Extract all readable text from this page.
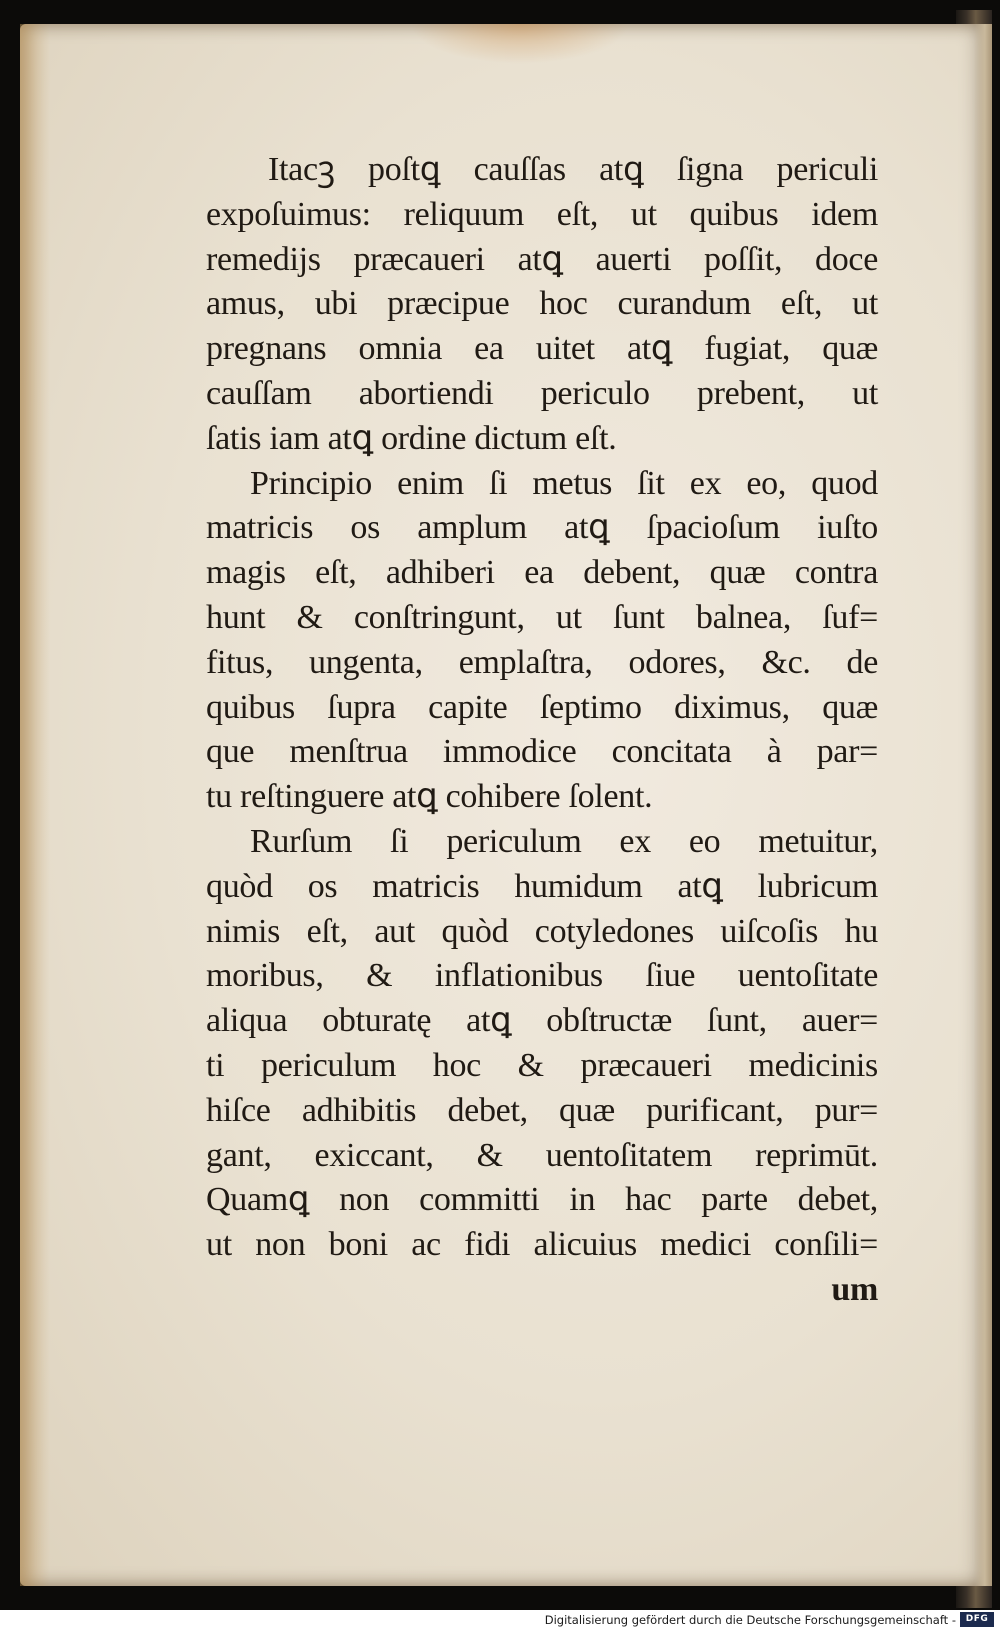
Itacꝫ poſtꝗ cauſſas atꝗ ſigna periculi
expoſuimus: reliquum eſt, ut quibus idem
remedijs præcaueri atꝗ auerti poſſit, doce
amus, ubi præcipue hoc curandum eſt, ut
pregnans omnia ea uitet atꝗ fugiat, quæ
cauſſam abortiendi periculo prebent, ut
ſatis iam atꝗ ordine dictum eſt.
Principio enim ſi metus ſit ex eo, quod
matricis os amplum atꝗ ſpacioſum iuſto
magis eſt, adhiberi ea debent, quæ contra
hunt & conſtringunt, ut ſunt balnea, ſuf=
fitus, ungenta, emplaſtra, odores, &c. de
quibus ſupra capite ſeptimo diximus, quæ
que menſtrua immodice concitata à par=
tu reſtinguere atꝗ cohibere ſolent.
Rurſum ſi periculum ex eo metuitur,
quòd os matricis humidum atꝗ lubricum
nimis eſt, aut quòd cotyledones uiſcoſis hu
moribus, & inflationibus ſiue uentoſitate
aliqua obturatę atꝗ obſtructæ ſunt, auer=
ti periculum hoc & præcaueri medicinis
hiſce adhibitis debet, quæ purificant, pur=
gant, exiccant, & uentoſitatem reprimūt.
Quamꝗ non committi in hac parte debet,
ut non boni ac fidi alicuius medici conſili=
um
Digitalisierung gefördert durch die Deutsche Forschungsgemeinschaft -	DFG
